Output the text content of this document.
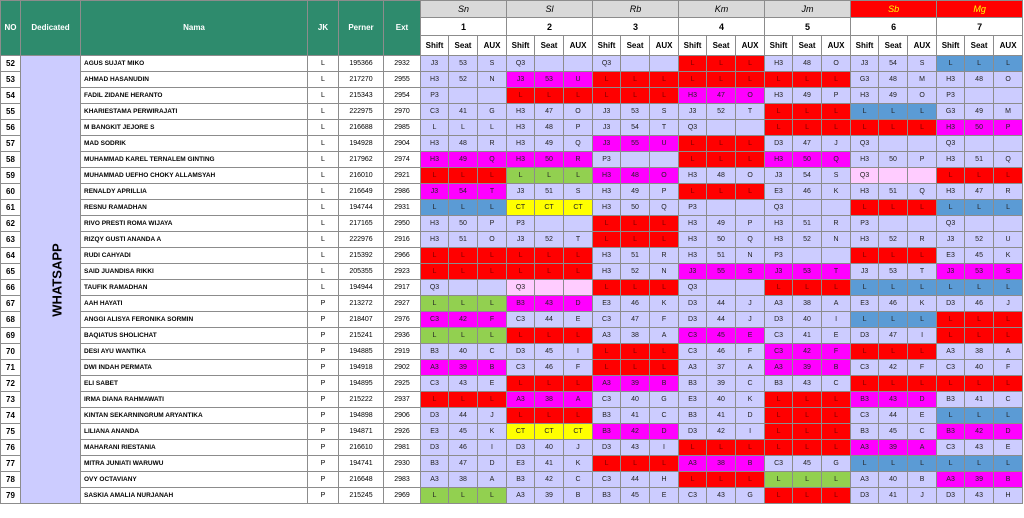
NO	Dedicated	Nama	JK	Perner	Ext	Sn			Sl			Rb			Km			Jm			Sb			Mg		
						1			2			3			4			5			6			7		
						Shift	Seat	AUX	Shift	Seat	AUX	Shift	Seat	AUX	Shift	Seat	AUX	Shift	Seat	AUX	Shift	Seat	AUX	Shift	Seat	AUX
52	WHATSAPP	AGUS SUJAT MIKO	L	195366	2932	J3	53	S	Q3			Q3			L	L	L	H3	48	O	J3	54	S	L	L	L
53		AHMAD HASANUDIN	L	217270	2955	H3	52	N	J3	53	U	L	L	L	L	L	L	L	L	L	G3	48	M	H3	48	O
54		FADIL ZIDANE HERANTO	L	215343	2954	P3			L	L	L	L	L	L	H3	47	O	H3	49	P	H3	49	O	P3		
55		KHARIESTAMA PERWIRAJATI	L	222975	2970	C3	41	G	H3	47	O	J3	53	S	J3	52	T	L	L	L	L	L	L	G3	49	M
56		M BANGKIT JEJORE S	L	216688	2985	L	L	L	H3	48	P	J3	54	T	Q3			L	L	L	L	L	L	H3	50	P
57		MAD SODRIK	L	194928	2904	H3	48	R	H3	49	Q	J3	55	U	L	L	L	D3	47	J	Q3			Q3		
58		MUHAMMAD KAREL TERNALEM GINTING	L	217962	2974	H3	49	Q	H3	50	R	P3			L	L	L	H3	50	Q	H3	50	P	H3	51	Q
59		MUHAMMAD UEFHO CHOKY ALLAMSYAH	L	216010	2921	L	L	L	L	L	L	H3	48	O	H3	48	O	J3	54	S	Q3			L	L	L
60		RENALDY APRILLIA	L	216649	2986	J3	54	T	J3	51	S	H3	49	P	L	L	L	E3	46	K	H3	51	Q	H3	47	R
61		RESNU RAMADHAN	L	194744	2931	L	L	L	CT	CT	CT	H3	50	Q	P3			Q3			L	L	L	L	L	L
62		RIVO PRESTI ROMA WIJAYA	L	217165	2950	H3	50	P	P3			L	L	L	H3	49	P	H3	51	R	P3			Q3		
63		RIZQY GUSTI ANANDA A	L	222976	2916	H3	51	O	J3	52	T	L	L	L	H3	50	Q	H3	52	N	H3	52	R	J3	52	U
64		RUDI CAHYADI	L	215392	2966	L	L	L	L	L	L	H3	51	R	H3	51	N	P3			L	L	L	E3	45	K
65		SAID JUANDISA RIKKI	L	205355	2923	L	L	L	L	L	L	H3	52	N	J3	55	S	J3	53	T	J3	53	T	J3	53	S
66		TAUFIK RAMADHAN	L	194944	2917	Q3			Q3			L	L	L	Q3			L	L	L	L	L	L	L	L	L
67		AAH HAYATI	P	213272	2927	L	L	L	B3	43	D	E3	46	K	D3	44	J	A3	38	A	E3	46	K	D3	46	J
68		ANGGI ALISYA FERONIKA SORMIN	P	218407	2976	C3	42	F	C3	44	E	C3	47	F	D3	44	J	D3	40	I	L	L	L	L	L	L
69		BAQIATUS SHOLICHAT	P	215241	2936	L	L	L	L	L	L	A3	38	A	C3	45	E	C3	41	E	D3	47	I	L	L	L
70		DESI AYU WANTIKA	P	194885	2919	B3	40	C	D3	45	I	L	L	L	C3	46	F	C3	42	F	L	L	L	A3	38	A
71		DWI INDAH PERMATA	P	194918	2902	A3	39	B	C3	46	F	L	L	L	A3	37	A	A3	39	B	C3	42	F	C3	40	F
72		ELI SABET	P	194895	2925	C3	43	E	L	L	L	A3	39	B	B3	39	C	B3	43	C	L	L	L	L	L	L
73		IRMA DIANA RAHMAWATI	P	215222	2937	L	L	L	A3	38	A	C3	40	G	E3	40	K	L	L	L	B3	43	D	B3	41	C
74		KINTAN SEKARNINGRUM ARYANTIKA	P	194898	2906	D3	44	J	L	L	L	B3	41	C	B3	41	D	L	L	L	C3	44	E	L	L	L
75		LILIANA ANANDA	P	194871	2926	E3	45	K	CT	CT	CT	B3	42	D	D3	42	I	L	L	L	B3	45	C	B3	42	D
76		MAHARANI RIESTANIA	P	216610	2981	D3	46	I	D3	40	J	D3	43	I	L	L	L	L	L	L	A3	39	A	C3	43	E
77		MITRA JUNIATI WARUWU	P	194741	2930	B3	47	D	E3	41	K	L	L	L	A3	38	B	C3	45	G	L	L	L	L	L	L
78		OVY OCTAVIANY	P	216648	2983	A3	38	A	B3	42	C	C3	44	H	L	L	L	L	L	L	A3	40	B	A3	39	B
79		SASKIA AMALIA NURJANAH	P	215245	2969	L	L	L	A3	39	B	B3	45	E	C3	43	G	L	L	L	D3	41	J	D3	43	H
